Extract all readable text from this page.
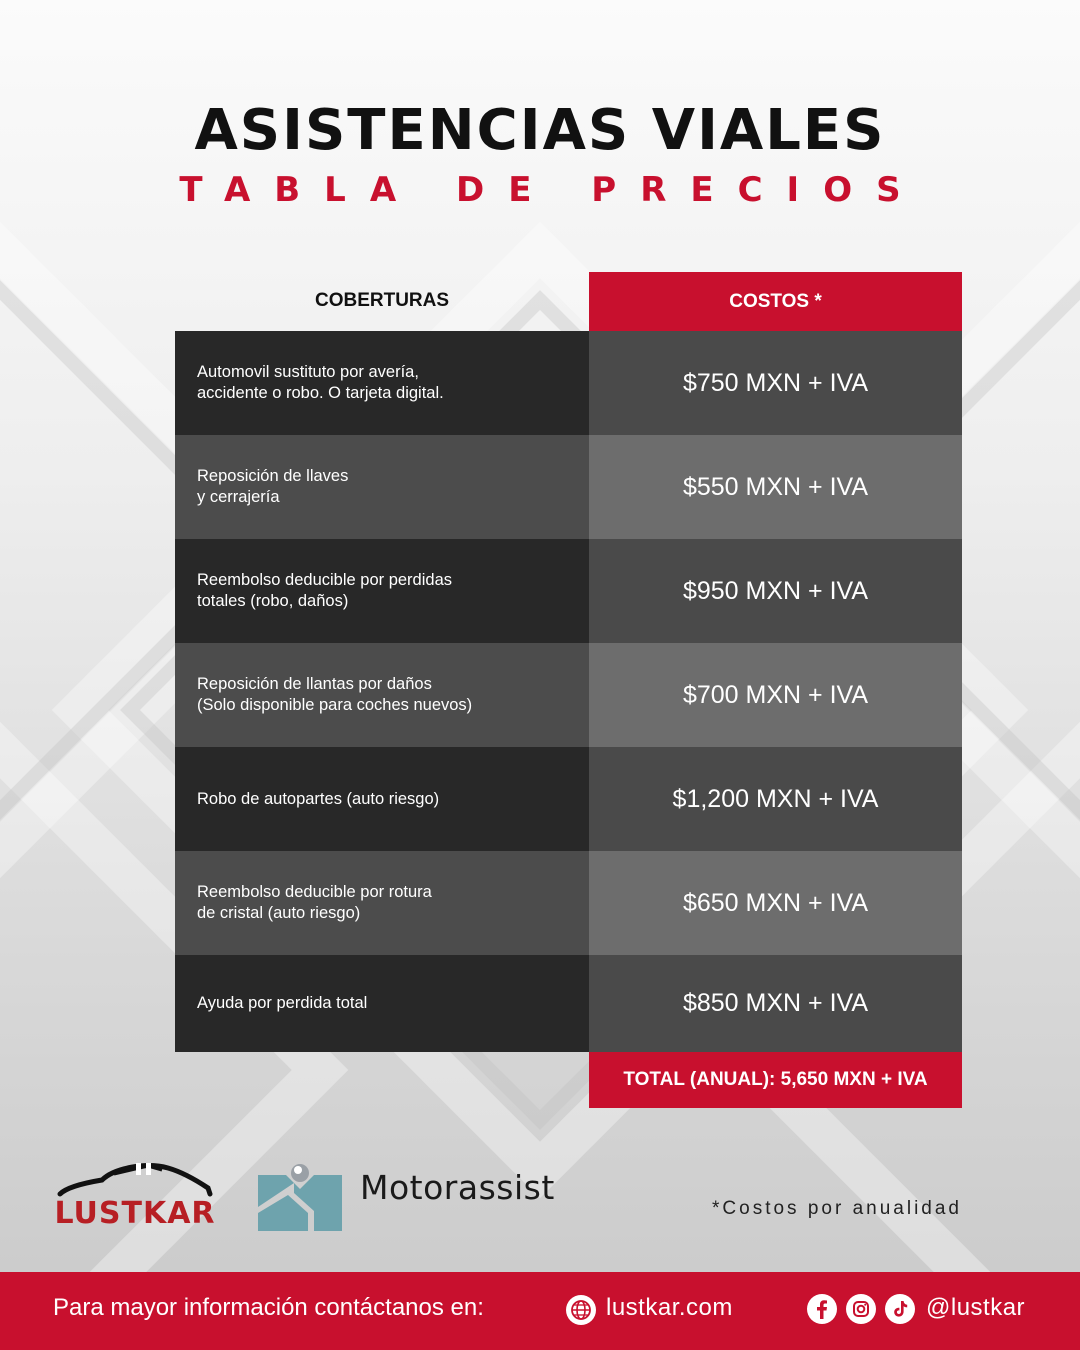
ASISTENCIAS VIALES
TABLA DE PRECIOS
COBERTURAS	COSTOS *
Automovil sustituto por avería,
accidente o robo. O tarjeta digital.	$750 MXN + IVA
Reposición de llaves
y cerrajería	$550 MXN + IVA
Reembolso deducible por perdidas
totales (robo, daños)	$950 MXN + IVA
Reposición de llantas por daños
(Solo disponible para coches nuevos)	$700 MXN + IVA
Robo de autopartes (auto riesgo)	$1,200 MXN + IVA
Reembolso deducible por rotura
de cristal (auto riesgo)	$650 MXN + IVA
Ayuda por perdida total	$850 MXN + IVA
TOTAL (ANUAL): 5,650 MXN + IVA
LUSTKAR
Motorassist
*Costos por anualidad
Para mayor información contáctanos en:	lustkar.com	@lustkar
